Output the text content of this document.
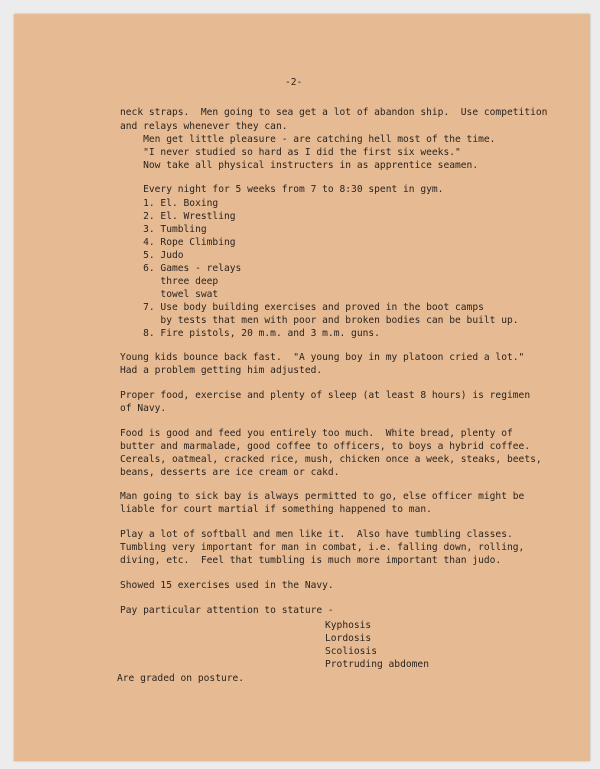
-2-

neck straps.  Men going to sea get a lot of abandon ship.  Use competition

and relays whenever they can.

Men get little pleasure - are catching hell most of the time.

"I never studied so hard as I did the first six weeks."

Now take all physical instructers in as apprentice seamen.

Every night for 5 weeks from 7 to 8:30 spent in gym.

1. El. Boxing

2. El. Wrestling

3. Tumbling

4. Rope Climbing

5. Judo

6. Games - relays

three deep

towel swat

7. Use body building exercises and proved in the boot camps

by tests that men with poor and broken bodies can be built up.

8. Fire pistols, 20 m.m. and 3 m.m. guns.

Young kids bounce back fast.  "A young boy in my platoon cried a lot."

Had a problem getting him adjusted.

Proper food, exercise and plenty of sleep (at least 8 hours) is regimen

of Navy.

Food is good and feed you entirely too much.  White bread, plenty of

butter and marmalade, good coffee to officers, to boys a hybrid coffee.

Cereals, oatmeal, cracked rice, mush, chicken once a week, steaks, beets,

beans, desserts are ice cream or cakd.

Man going to sick bay is always permitted to go, else officer might be

liable for court martial if something happened to man.

Play a lot of softball and men like it.  Also have tumbling classes.

Tumbling very important for man in combat, i.e. falling down, rolling,

diving, etc.  Feel that tumbling is much more important than judo.

Showed 15 exercises used in the Navy.

Pay particular attention to stature -

Kyphosis

Lordosis

Scoliosis

Protruding abdomen

Are graded on posture.
